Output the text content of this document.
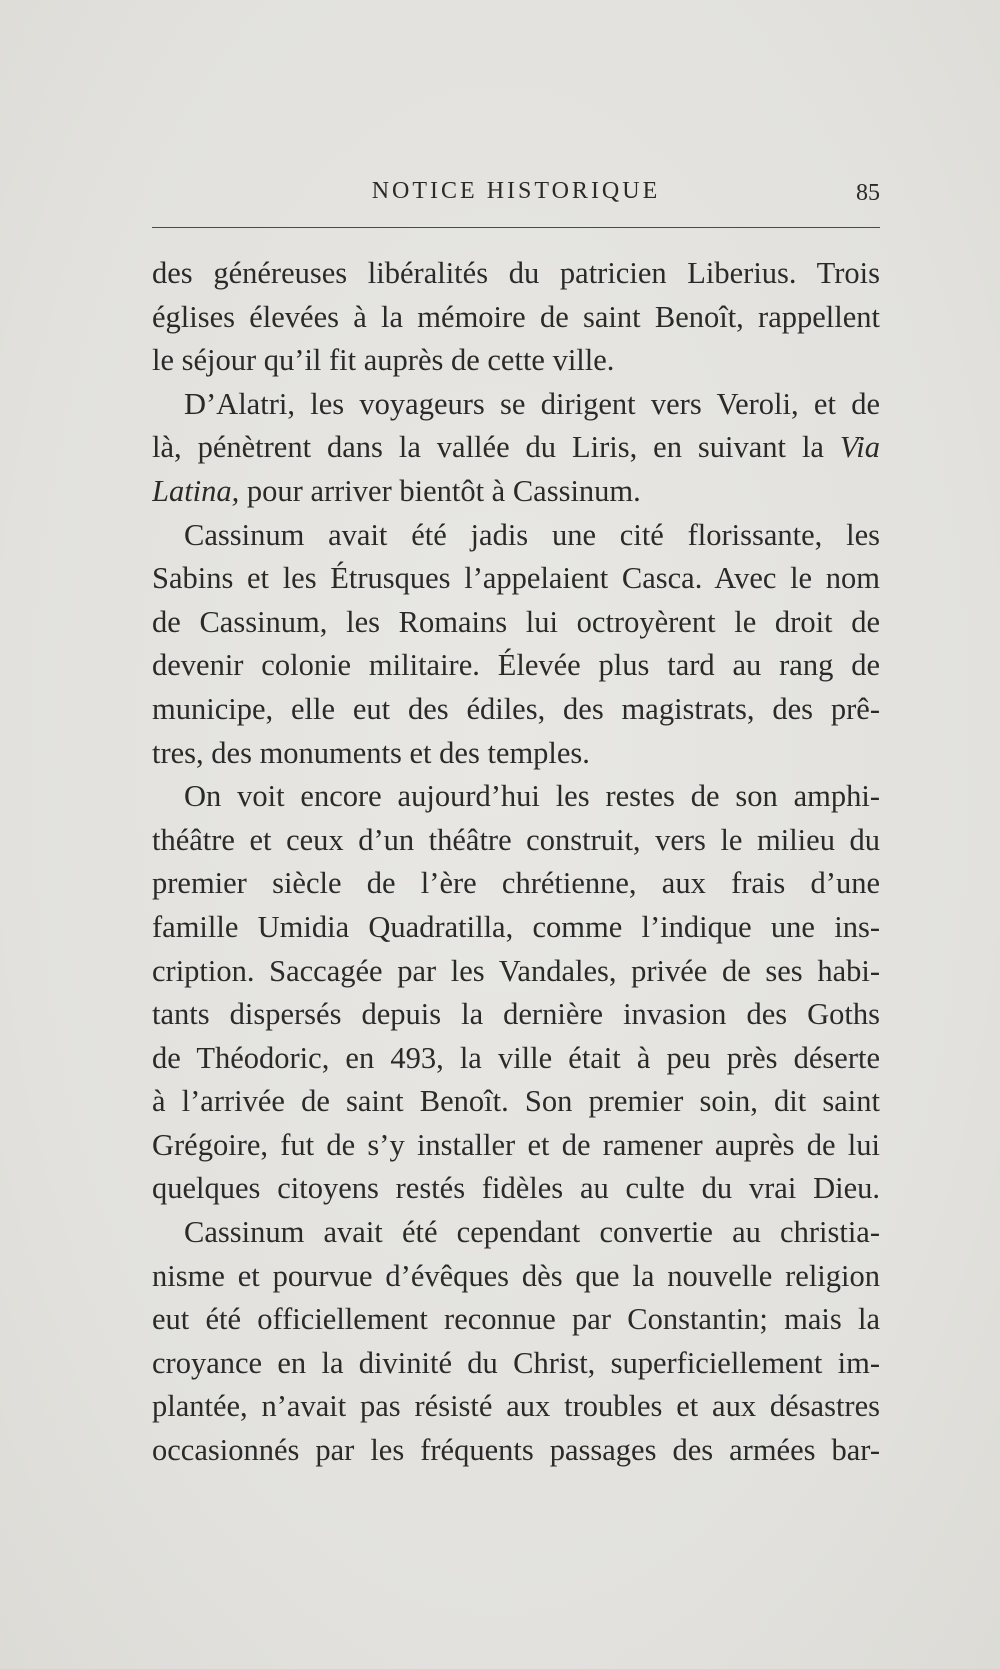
NOTICE HISTORIQUE	85
des généreuses libéralités du patricien Liberius. Trois
églises élevées à la mémoire de saint Benoît, rappellent
le séjour qu’il fit auprès de cette ville.
D’Alatri, les voyageurs se dirigent vers Veroli, et de
là, pénètrent dans la vallée du Liris, en suivant la Via
Latina, pour arriver bientôt à Cassinum.
Cassinum avait été jadis une cité florissante, les
Sabins et les Étrusques l’appelaient Casca. Avec le nom
de Cassinum, les Romains lui octroyèrent le droit de
devenir colonie militaire. Élevée plus tard au rang de
municipe, elle eut des édiles, des magistrats, des prê-
tres, des monuments et des temples.
On voit encore aujourd’hui les restes de son amphi-
théâtre et ceux d’un théâtre construit, vers le milieu du
premier siècle de l’ère chrétienne, aux frais d’une
famille Umidia Quadratilla, comme l’indique une ins-
cription. Saccagée par les Vandales, privée de ses habi-
tants dispersés depuis la dernière invasion des Goths
de Théodoric, en 493, la ville était à peu près déserte
à l’arrivée de saint Benoît. Son premier soin, dit saint
Grégoire, fut de s’y installer et de ramener auprès de lui
quelques citoyens restés fidèles au culte du vrai Dieu.
Cassinum avait été cependant convertie au christia-
nisme et pourvue d’évêques dès que la nouvelle religion
eut été officiellement reconnue par Constantin; mais la
croyance en la divinité du Christ, superficiellement im-
plantée, n’avait pas résisté aux troubles et aux désastres
occasionnés par les fréquents passages des armées bar-
